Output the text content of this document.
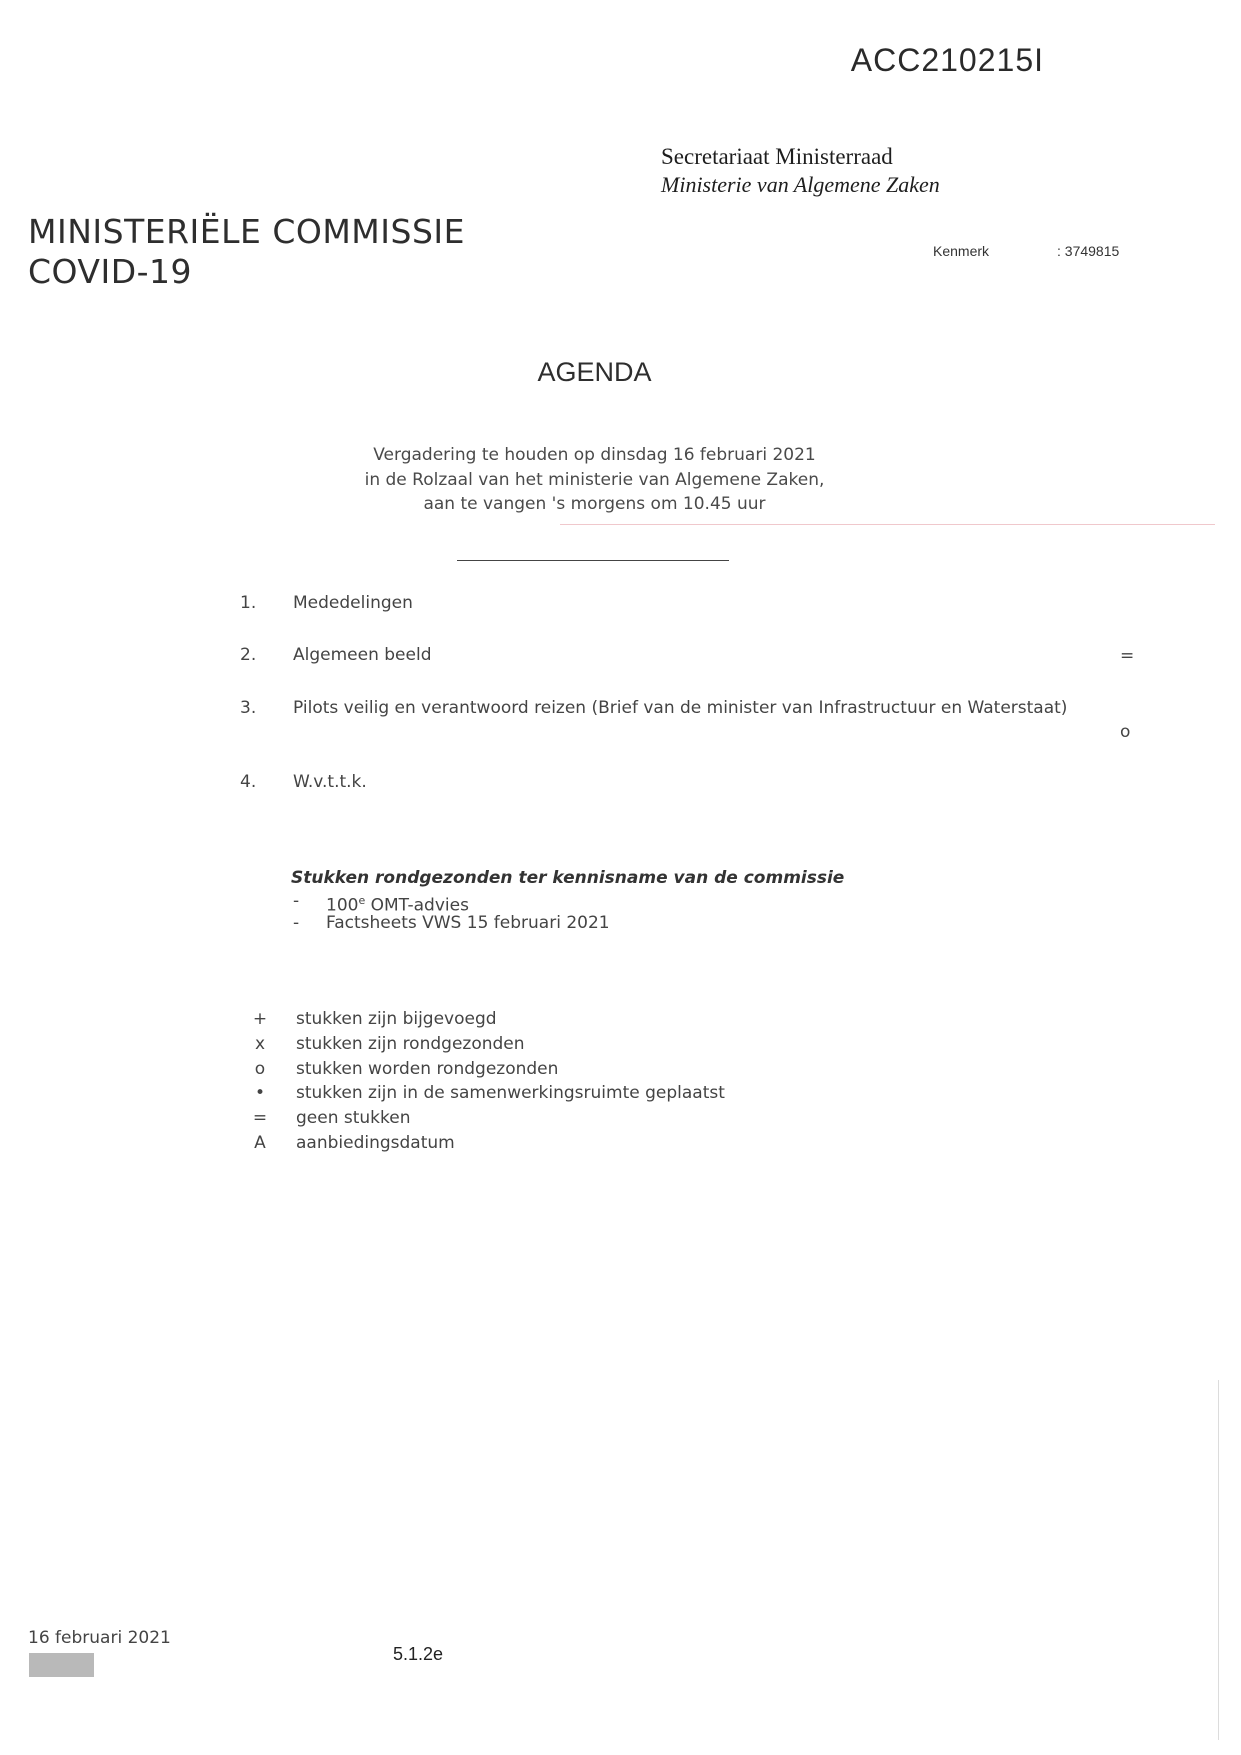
ACC210215I
Secretariaat Ministerraad
Ministerie van Algemene Zaken
MINISTERIËLE COMMISSIE
COVID-19
Kenmerk	: 3749815
AGENDA
Vergadering te houden op dinsdag 16 februari 2021
in de Rolzaal van het ministerie van Algemene Zaken,
aan te vangen 's morgens om 10.45 uur
1. Mededelingen
2. Algemeen beeld	=
3. Pilots veilig en verantwoord reizen (Brief van de minister van Infrastructuur en Waterstaat)
o
4. W.v.t.t.k.
Stukken rondgezonden ter kennisname van de commissie
- 100e OMT-advies
- Factsheets VWS 15 februari 2021
+ stukken zijn bijgevoegd
x stukken zijn rondgezonden
o stukken worden rondgezonden
• stukken zijn in de samenwerkingsruimte geplaatst
= geen stukken
A aanbiedingsdatum
16 februari 2021
5.1.2e
